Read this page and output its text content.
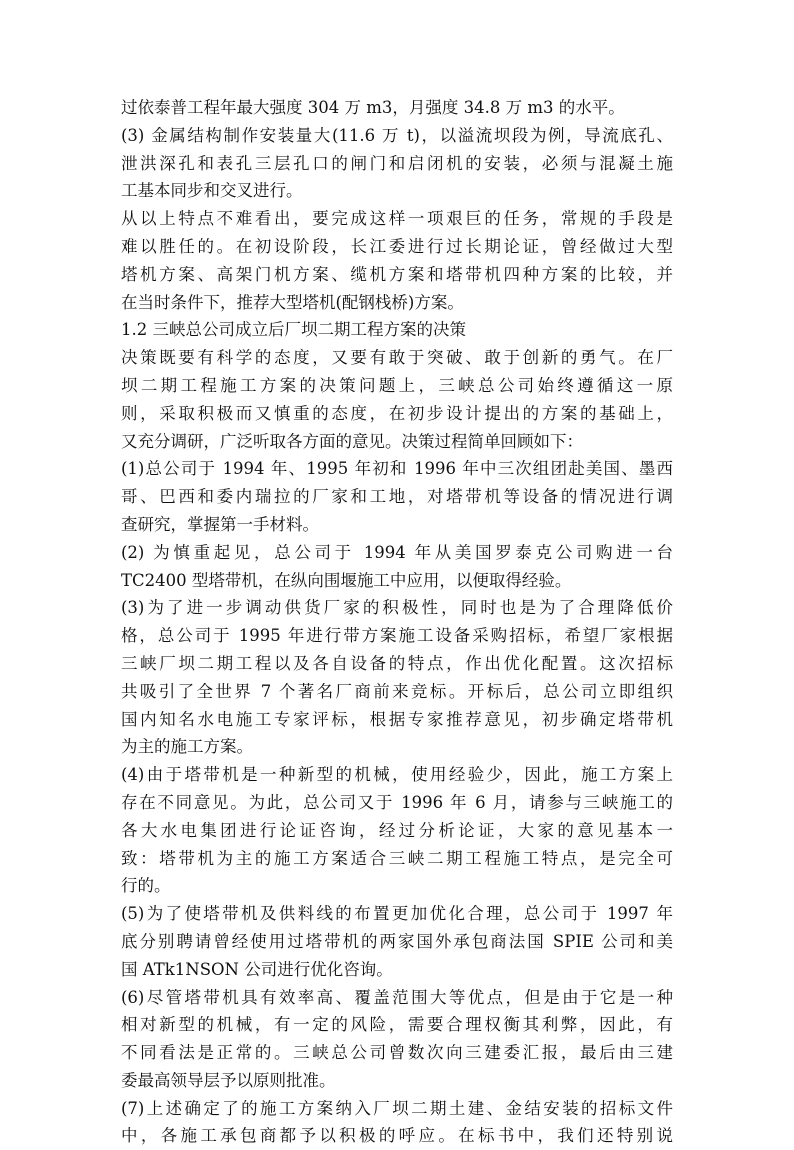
过依泰普工程年最大强度 304 万 m3，月强度 34.8 万 m3 的水平。
(3) 金属结构制作安装量大(11.6 万 t)，以溢流坝段为例，导流底孔、
泄洪深孔和表孔三层孔口的闸门和启闭机的安装，必须与混凝土施
工基本同步和交叉进行。
从以上特点不难看出，要完成这样一项艰巨的任务，常规的手段是
难以胜任的。在初设阶段，长江委进行过长期论证，曾经做过大型
塔机方案、高架门机方案、缆机方案和塔带机四种方案的比较，并
在当时条件下，推荐大型塔机(配钢栈桥)方案。
1.2 三峡总公司成立后厂坝二期工程方案的决策
决策既要有科学的态度，又要有敢于突破、敢于创新的勇气。在厂
坝二期工程施工方案的决策问题上，三峡总公司始终遵循这一原
则，采取积极而又慎重的态度，在初步设计提出的方案的基础上，
又充分调研，广泛听取各方面的意见。决策过程简单回顾如下：
(1)总公司于 1994 年、1995 年初和 1996 年中三次组团赴美国、墨西
哥、巴西和委内瑞拉的厂家和工地，对塔带机等设备的情况进行调
查研究，掌握第一手材料。
(2) 为慎重起见，总公司于 1994 年从美国罗泰克公司购进一台
TC2400 型塔带机，在纵向围堰施工中应用，以便取得经验。
(3)为了进一步调动供货厂家的积极性，同时也是为了合理降低价
格，总公司于 1995 年进行带方案施工设备采购招标，希望厂家根据
三峡厂坝二期工程以及各自设备的特点，作出优化配置。这次招标
共吸引了全世界 7 个著名厂商前来竞标。开标后，总公司立即组织
国内知名水电施工专家评标，根据专家推荐意见，初步确定塔带机
为主的施工方案。
(4)由于塔带机是一种新型的机械，使用经验少，因此，施工方案上
存在不同意见。为此，总公司又于 1996 年 6 月，请参与三峡施工的
各大水电集团进行论证咨询，经过分析论证，大家的意见基本一
致：塔带机为主的施工方案适合三峡二期工程施工特点，是完全可
行的。
(5)为了使塔带机及供料线的布置更加优化合理，总公司于 1997 年
底分别聘请曾经使用过塔带机的两家国外承包商法国 SPIE 公司和美
国 ATk1NSON 公司进行优化咨询。
(6)尽管塔带机具有效率高、覆盖范围大等优点，但是由于它是一种
相对新型的机械，有一定的风险，需要合理权衡其利弊，因此，有
不同看法是正常的。三峡总公司曾数次向三建委汇报，最后由三建
委最高领导层予以原则批准。
(7)上述确定了的施工方案纳入厂坝二期土建、金结安装的招标文件
中，各施工承包商都予以积极的呼应。在标书中，我们还特别说
